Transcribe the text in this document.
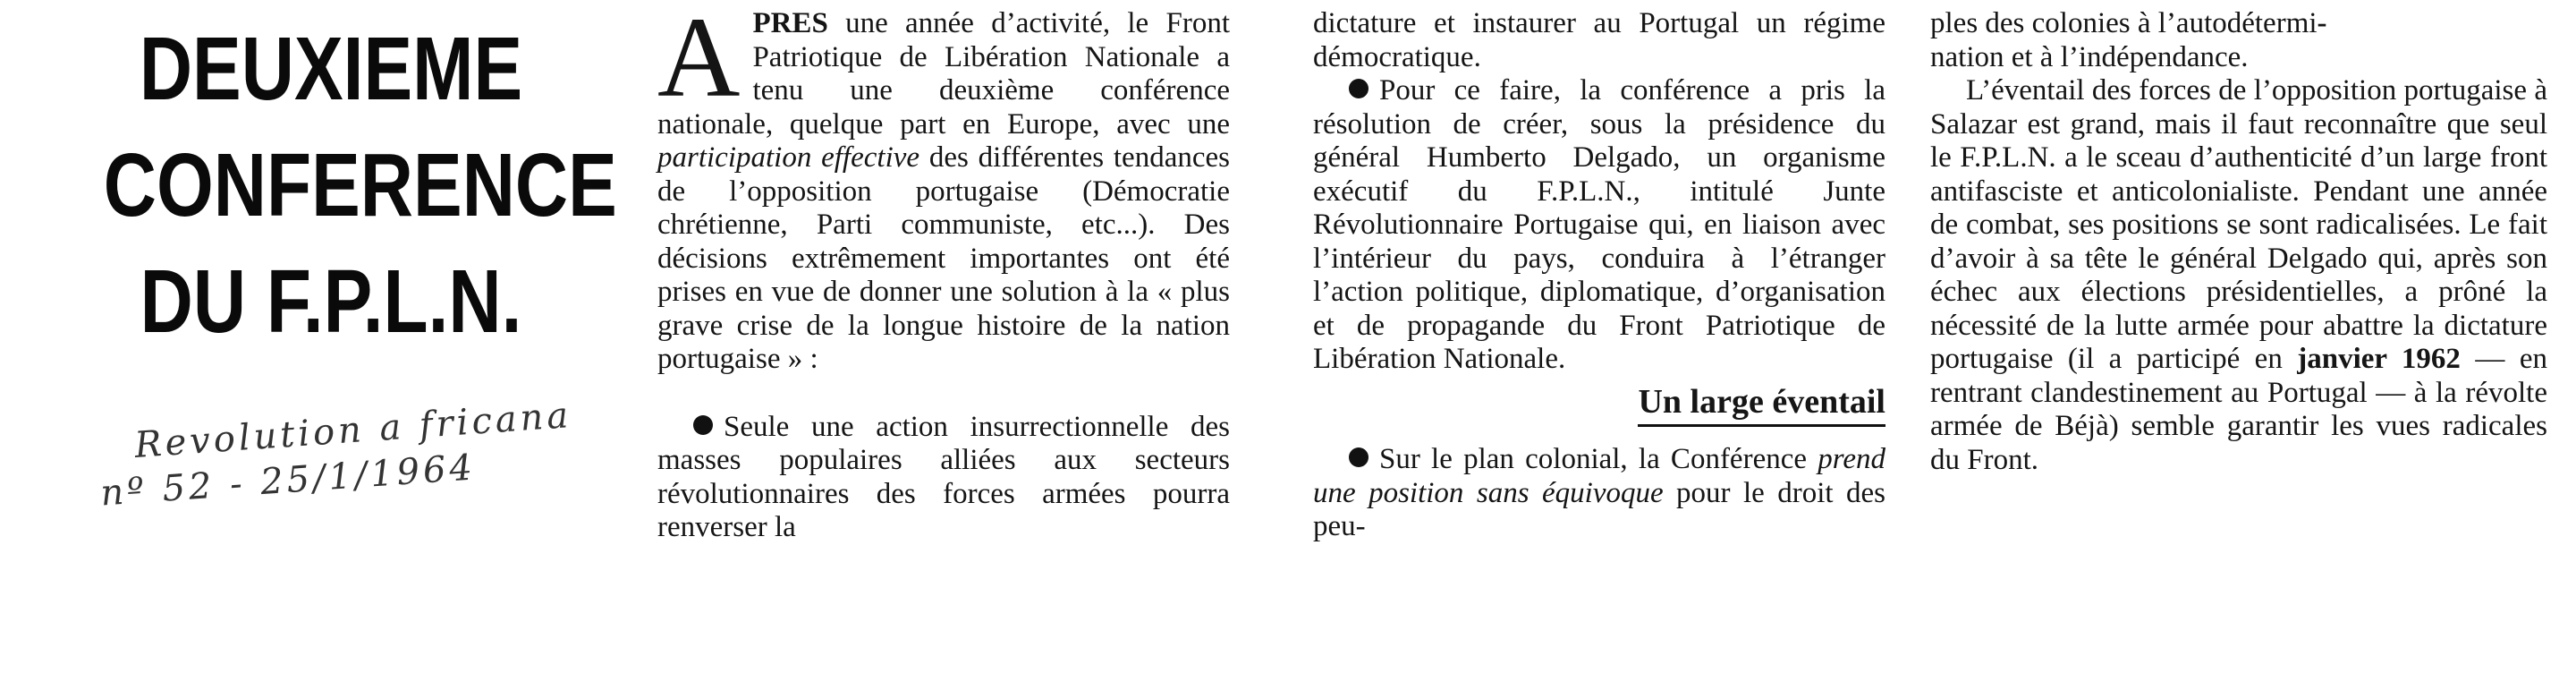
DEUXIEME
CONFERENCE
DU F.P.L.N.
Revolution a fricana
nº 52 - 25/1/1964

APRES une année d’activité, le Front Patriotique de Libération Nationale a tenu une deuxième conférence nationale, quelque part en Europe, avec une participation effective des différentes tendances de l’opposition portugaise (Démocratie chrétienne, Parti communiste, etc...). Des décisions extrêmement importantes ont été prises en vue de donner une solution à la « plus grave crise de la longue histoire de la nation portugaise » :

Seule une action insurrectionnelle des masses populaires alliées aux secteurs révolutionnaires des forces armées pourra renverser la

dictature et instaurer au Portugal un régime démocratique.

Pour ce faire, la conférence a pris la résolution de créer, sous la présidence du général Humberto Delgado, un organisme exécutif du F.P.L.N., intitulé Junte Révolutionnaire Portugaise qui, en liaison avec l’intérieur du pays, conduira à l’étranger l’action politique, diplomatique, d’organisation et de propagande du Front Patriotique de Libération Nationale.

Un large éventail

Sur le plan colonial, la Conférence prend une position sans équivoque pour le droit des peu-

ples des colonies à l’autodétermi-
nation et à l’indépendance.

L’éventail des forces de l’opposition portugaise à Salazar est grand, mais il faut reconnaître que seul le F.P.L.N. a le sceau d’authenticité d’un large front antifasciste et anticolonialiste. Pendant une année de combat, ses positions se sont radicalisées. Le fait d’avoir à sa tête le général Delgado qui, après son échec aux élections présidentielles, a prôné la nécessité de la lutte armée pour abattre la dictature portugaise (il a participé en janvier 1962 — en rentrant clandestinement au Portugal — à la révolte armée de Béjà) semble garantir les vues radicales du Front.
